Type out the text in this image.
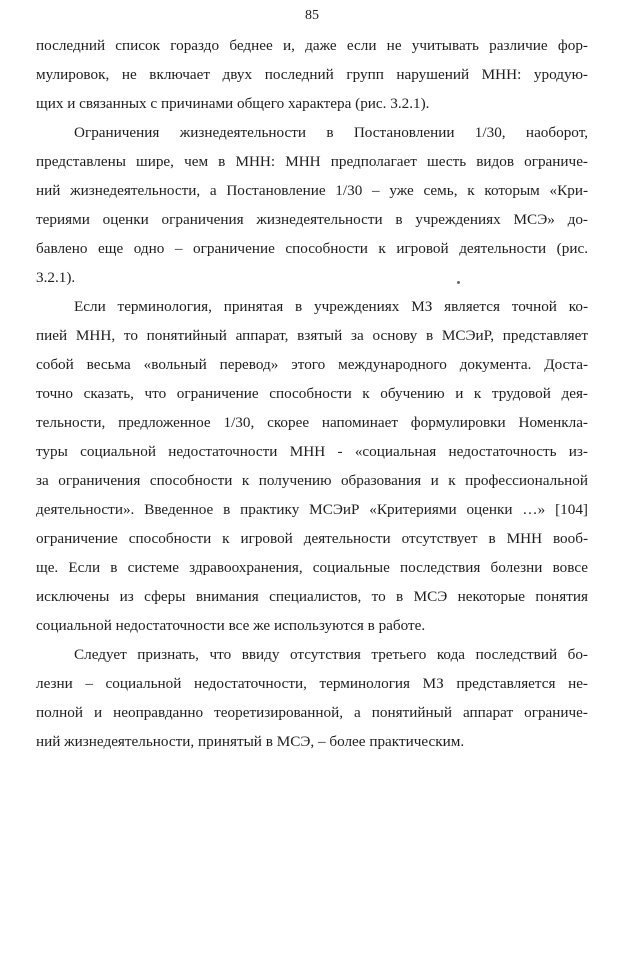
85
последний список гораздо беднее и, даже если не учитывать различие фор-
мулировок, не включает двух последний групп нарушений МНН: уродую-
щих и связанных с причинами общего характера (рис. 3.2.1).
Ограничения жизнедеятельности в Постановлении 1/30, наоборот,
представлены шире, чем в МНН: МНН предполагает шесть видов ограниче-
ний жизнедеятельности, а Постановление 1/30 – уже семь, к которым «Кри-
териями оценки ограничения жизнедеятельности в учреждениях МСЭ» до-
бавлено еще одно – ограничение способности к игровой деятельности (рис.
3.2.1).
Если терминология, принятая в учреждениях МЗ является точной ко-
пией МНН, то понятийный аппарат, взятый за основу в МСЭиР, представляет
собой весьма «вольный перевод» этого международного документа. Доста-
точно сказать, что ограничение способности к обучению и к трудовой дея-
тельности, предложенное 1/30, скорее напоминает формулировки Номенкла-
туры социальной недостаточности МНН - «социальная недостаточность из-
за ограничения способности к получению образования и к профессиональной
деятельности». Введенное в практику МСЭиР «Критериями оценки …» [104]
ограничение способности к игровой деятельности отсутствует в МНН вооб-
ще. Если в системе здравоохранения, социальные последствия болезни вовсе
исключены из сферы внимания специалистов, то в МСЭ некоторые понятия
социальной недостаточности все же используются в работе.
Следует признать, что ввиду отсутствия третьего кода последствий бо-
лезни – социальной недостаточности, терминология МЗ представляется не-
полной и неоправданно теоретизированной, а понятийный аппарат ограниче-
ний жизнедеятельности, принятый в МСЭ, – более практическим.
